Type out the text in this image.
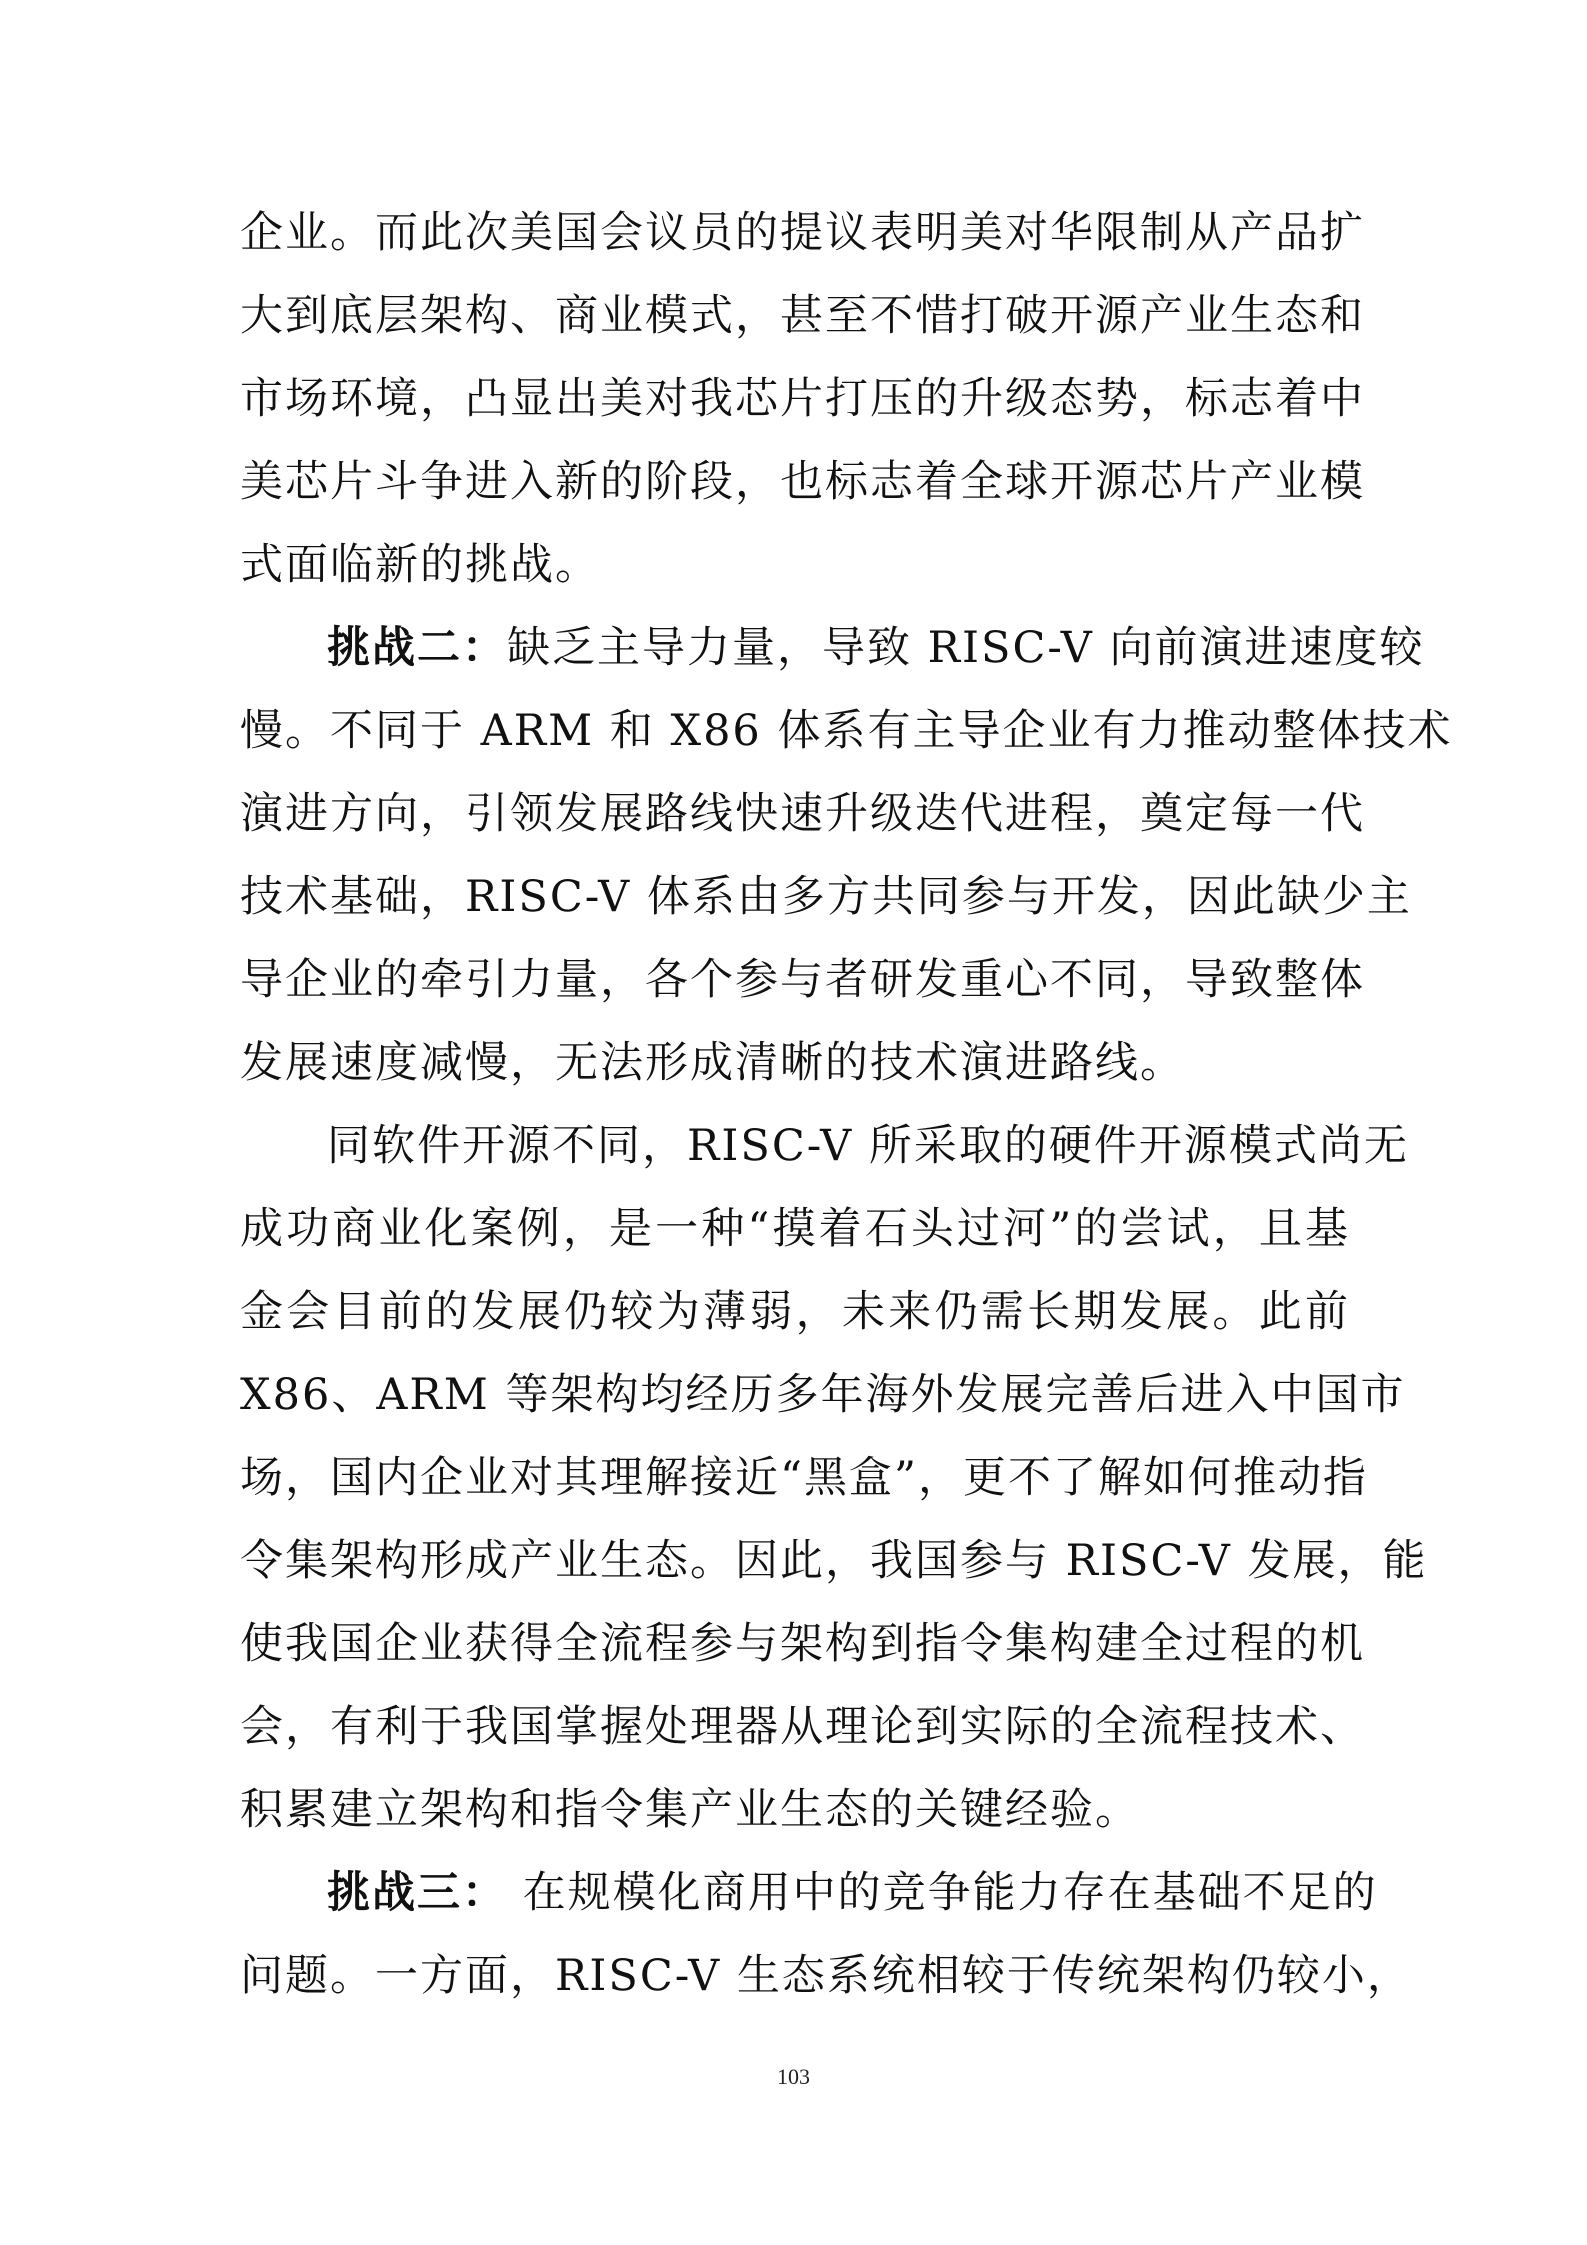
企业。而此次美国会议员的提议表明美对华限制从产品扩
大到底层架构、商业模式，甚至不惜打破开源产业生态和
市场环境，凸显出美对我芯片打压的升级态势，标志着中
美芯片斗争进入新的阶段，也标志着全球开源芯片产业模
式面临新的挑战。
挑战二：缺乏主导力量，导致 RISC-V 向前演进速度较
慢。不同于 ARM 和 X86 体系有主导企业有力推动整体技术
演进方向，引领发展路线快速升级迭代进程，奠定每一代
技术基础，RISC-V 体系由多方共同参与开发，因此缺少主
导企业的牵引力量，各个参与者研发重心不同，导致整体
发展速度减慢，无法形成清晰的技术演进路线。
同软件开源不同，RISC-V 所采取的硬件开源模式尚无
成功商业化案例，是一种“摸着石头过河”的尝试，且基
金会目前的发展仍较为薄弱，未来仍需长期发展。此前
X86、ARM 等架构均经历多年海外发展完善后进入中国市
场，国内企业对其理解接近“黑盒”，更不了解如何推动指
令集架构形成产业生态。因此，我国参与 RISC-V 发展，能
使我国企业获得全流程参与架构到指令集构建全过程的机
会，有利于我国掌握处理器从理论到实际的全流程技术、
积累建立架构和指令集产业生态的关键经验。
挑战三： 在规模化商用中的竞争能力存在基础不足的
问题。一方面，RISC-V 生态系统相较于传统架构仍较小，
103
